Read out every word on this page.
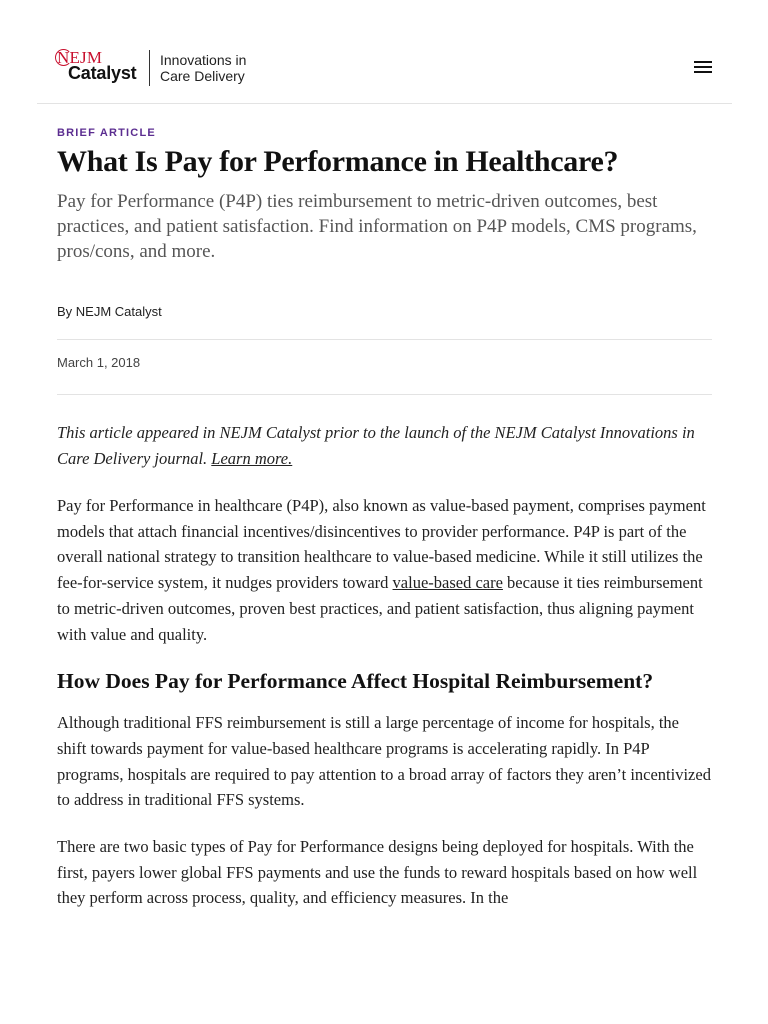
NEJM
Catalyst
Innovations in
Care Delivery
BRIEF ARTICLE
What Is Pay for Performance in Healthcare?

Pay for Performance (P4P) ties reimbursement to metric-driven outcomes, best practices, and patient satisfaction. Find information on P4P models, CMS programs, pros/cons, and more.

By NEJM Catalyst
March 1, 2018

This article appeared in NEJM Catalyst prior to the launch of the NEJM Catalyst Innovations in Care Delivery journal. Learn more.

Pay for Performance in healthcare (P4P), also known as value-based payment, comprises payment models that attach financial incentives/disincentives to provider performance. P4P is part of the overall national strategy to transition healthcare to value-based medicine. While it still utilizes the fee-for-service system, it nudges providers toward value-based care because it ties reimbursement to metric-driven outcomes, proven best practices, and patient satisfaction, thus aligning payment with value and quality.

How Does Pay for Performance Affect Hospital Reimbursement?

Although traditional FFS reimbursement is still a large percentage of income for hospitals, the shift towards payment for value-based healthcare programs is accelerating rapidly. In P4P programs, hospitals are required to pay attention to a broad array of factors they aren’t incentivized to address in traditional FFS systems.

There are two basic types of Pay for Performance designs being deployed for hospitals. With the first, payers lower global FFS payments and use the funds to reward hospitals based on how well they perform across process, quality, and efficiency measures. In the
